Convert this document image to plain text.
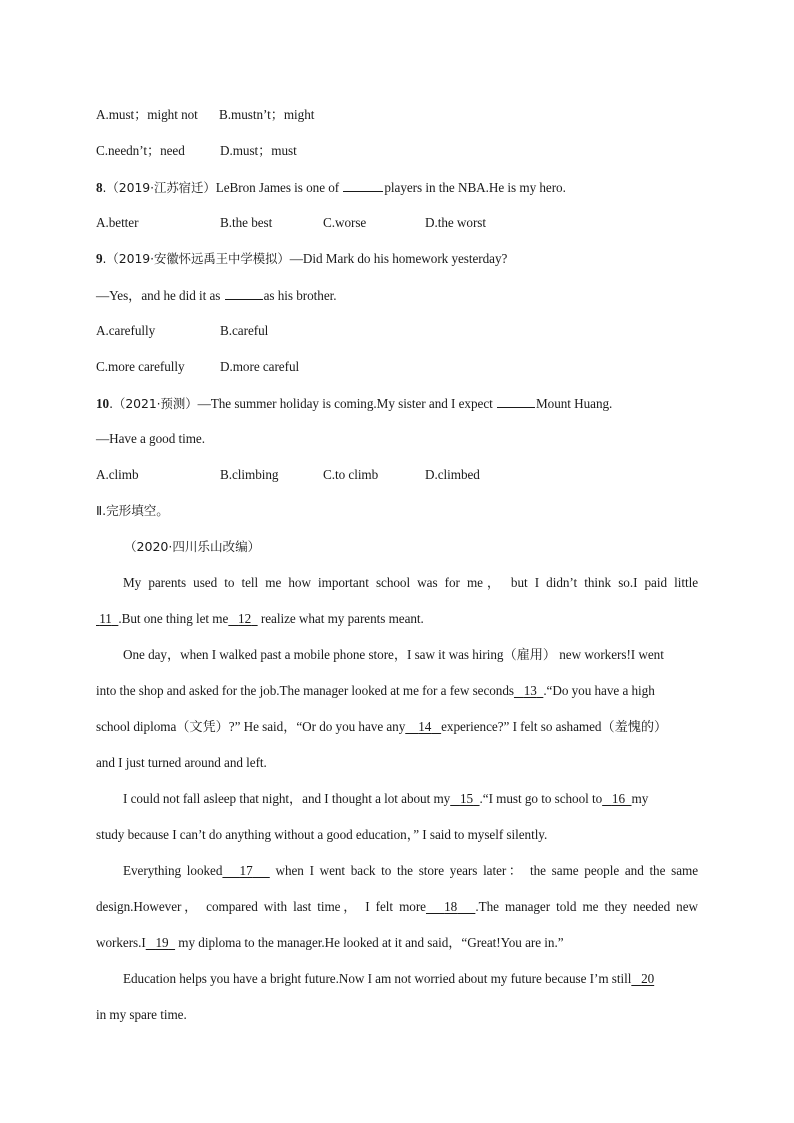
A.must；might not B.mustn’t；might
C.needn’t；need	D.must；must
8.（2019·江苏宿迁）LeBron James is one of	players in the NBA.He is my hero.
A.better	B.the best	C.worse	D.the worst
9.（2019·安徽怀远禹王中学模拟）—Did Mark do his homework yesterday?
—Yes，and he did it as	as his brother.
A.carefully	B.careful
C.more carefully	D.more careful
10.（2021·预测）—The summer holiday is coming.My sister and I expect	Mount Huang.
—Have a good time.
A.climb	B.climbing	C.to climb	D.climbed
Ⅱ.完形填空。
（2020·四川乐山改编）
My parents used to tell me how important school was for me， but I didn’t think so.I paid little
11 .But one thing let me 12   realize what my parents meant.
One day，when I walked past a mobile phone store，I saw it was hiring（雇用） new workers!I went
into the shop and asked for the job.The manager looked at me for a few seconds 13 .“Do you have a high
school diploma（文凭）?” He said，“Or do you have any 14 experience?” I felt so ashamed（羞愧的）
and I just turned around and left.
I could not fall asleep that night，and I thought a lot about my 15 .“I must go to school to 16 my
study because I can’t do anything without a good education，” I said to myself silently.
Everything looked 17    when I went back to the store years later： the same people and the same
design.However， compared with last time， I felt more 18 .The manager told me they needed new
workers.I 19   my diploma to the manager.He looked at it and said，“Great!You are in.”
Education helps you have a bright future.Now I am not worried about my future because I’m still 20
in my spare time.
